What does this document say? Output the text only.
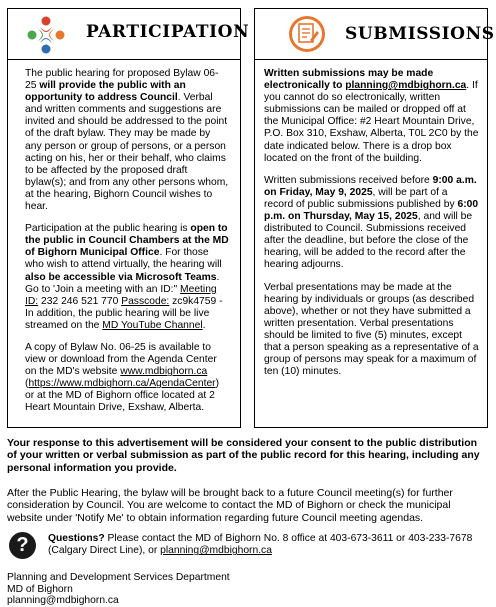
PARTICIPATION

The public hearing for proposed Bylaw 06-25 will provide the public with an opportunity to address Council. Verbal and written comments and suggestions are invited and should be addressed to the point of the draft bylaw. They may be made by any person or group of persons, or a person acting on his, her or their behalf, who claims to be affected by the proposed draft bylaw(s); and from any other persons whom, at the hearing, Bighorn Council wishes to hear.

Participation at the public hearing is open to the public in Council Chambers at the MD of Bighorn Municipal Office. For those who wish to attend virtually, the hearing will also be accessible via Microsoft Teams. Go to 'Join a meeting with an ID:" Meeting ID: 232 246 521 770 Passcode: zc9k4759 - In addition, the public hearing will be live streamed on the MD YouTube Channel.

A copy of Bylaw No. 06-25 is available to view or download from the Agenda Center on the MD's website www.mdbighorn.ca (https://www.mdbighorn.ca/AgendaCenter) or at the MD of Bighorn office located at 2 Heart Mountain Drive, Exshaw, Alberta.

SUBMISSIONS

Written submissions may be made electronically to planning@mdbighorn.ca. If you cannot do so electronically, written submissions can be mailed or dropped off at the Municipal Office: #2 Heart Mountain Drive, P.O. Box 310, Exshaw, Alberta, T0L 2C0 by the date indicated below. There is a drop box located on the front of the building.

Written submissions received before 9:00 a.m. on Friday, May 9, 2025, will be part of a record of public submissions published by 6:00 p.m. on Thursday, May 15, 2025, and will be distributed to Council. Submissions received after the deadline, but before the close of the hearing, will be added to the record after the hearing adjourns.

Verbal presentations may be made at the hearing by individuals or groups (as described above), whether or not they have submitted a written presentation. Verbal presentations should be limited to five (5) minutes, except that a person speaking as a representative of a group of persons may speak for a maximum of ten (10) minutes.

Your response to this advertisement will be considered your consent to the public distribution of your written or verbal submission as part of the public record for this hearing, including any personal information you provide.
After the Public Hearing, the bylaw will be brought back to a future Council meeting(s) for further consideration by Council. You are welcome to contact the MD of Bighorn or check the municipal website under 'Notify Me' to obtain information regarding future Council meeting agendas.
?	Questions? Please contact the MD of Bighorn No. 8 office at 403-673-3611 or 403-233-7678 (Calgary Direct Line), or planning@mdbighorn.ca
Planning and Development Services Department
MD of Bighorn
planning@mdbighorn.ca
